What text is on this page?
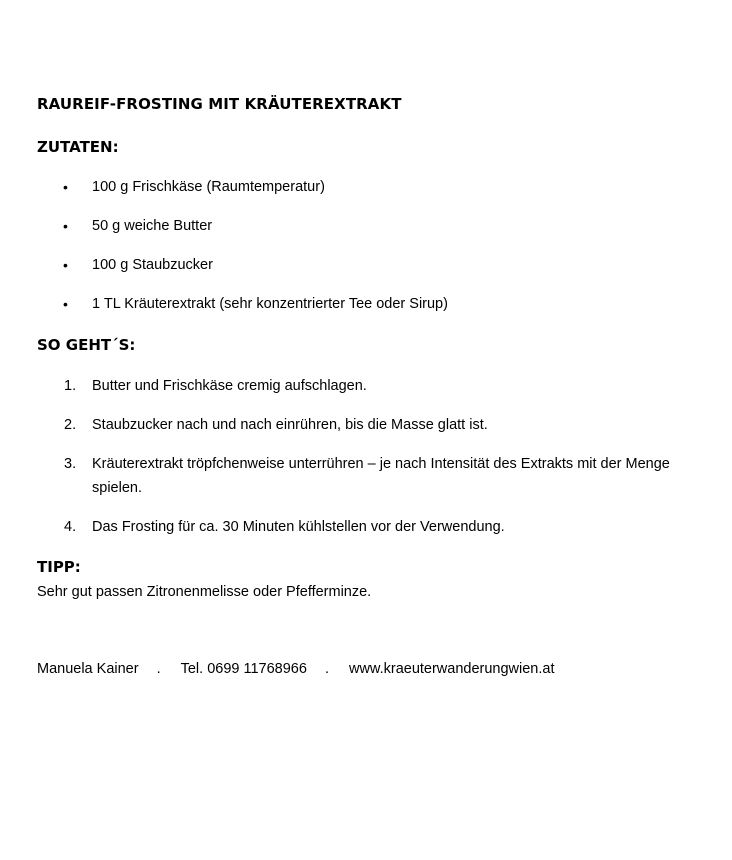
RAUREIF-FROSTING MIT KRÄUTEREXTRAKT
ZUTATEN:
• 100 g Frischkäse (Raumtemperatur)
• 50 g weiche Butter
• 100 g Staubzucker
• 1 TL Kräuterextrakt (sehr konzentrierter Tee oder Sirup)
SO GEHT´S:
1. Butter und Frischkäse cremig aufschlagen.
2. Staubzucker nach und nach einrühren, bis die Masse glatt ist.
3. Kräuterextrakt tröpfchenweise unterrühren – je nach Intensität des Extrakts mit der Menge spielen.
4. Das Frosting für ca. 30 Minuten kühlstellen vor der Verwendung.
TIPP:
Sehr gut passen Zitronenmelisse oder Pfefferminze.
Manuela Kainer . Tel. 0699 11768966 . www.kraeuterwanderungwien.at
